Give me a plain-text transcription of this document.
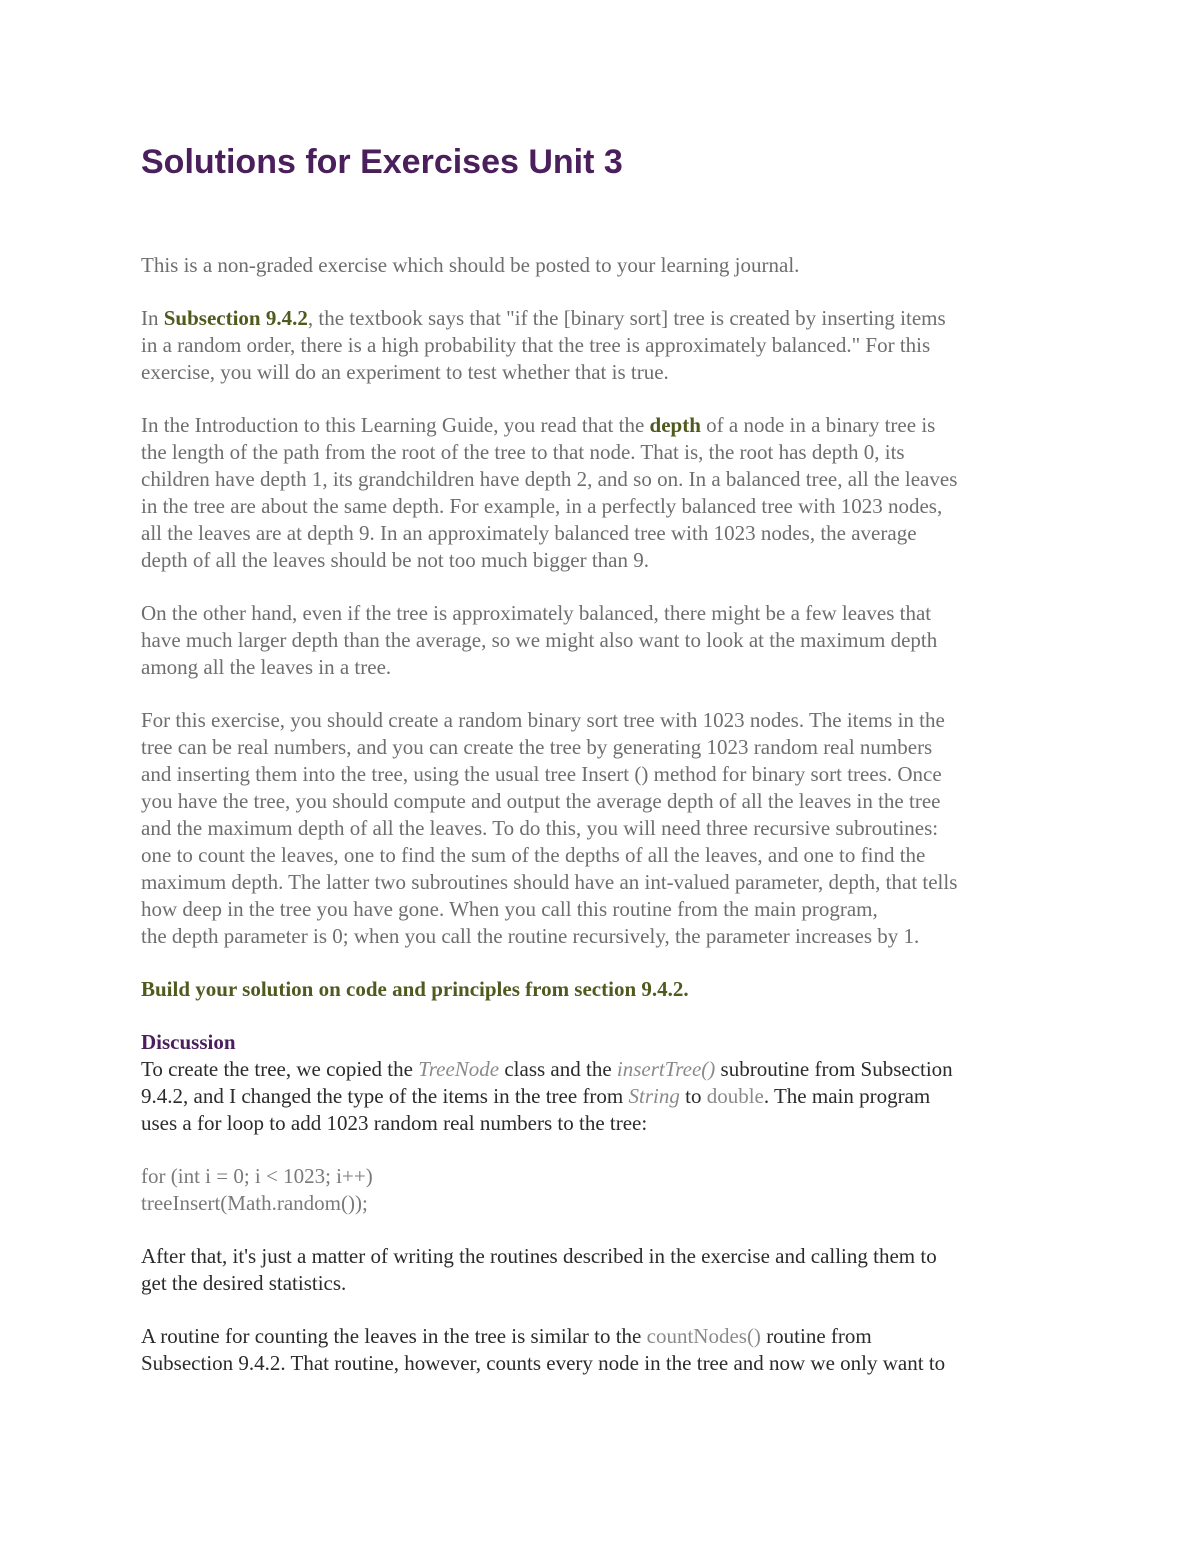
Solutions for Exercises Unit 3

This is a non-graded exercise which should be posted to your learning journal.

In Subsection 9.4.2, the textbook says that "if the [binary sort] tree is created by inserting items
in a random order, there is a high probability that the tree is approximately balanced." For this
exercise, you will do an experiment to test whether that is true.

In the Introduction to this Learning Guide, you read that the depth of a node in a binary tree is
the length of the path from the root of the tree to that node. That is, the root has depth 0, its
children have depth 1, its grandchildren have depth 2, and so on. In a balanced tree, all the leaves
in the tree are about the same depth. For example, in a perfectly balanced tree with 1023 nodes,
all the leaves are at depth 9. In an approximately balanced tree with 1023 nodes, the average
depth of all the leaves should be not too much bigger than 9.

On the other hand, even if the tree is approximately balanced, there might be a few leaves that
have much larger depth than the average, so we might also want to look at the maximum depth
among all the leaves in a tree.

For this exercise, you should create a random binary sort tree with 1023 nodes. The items in the
tree can be real numbers, and you can create the tree by generating 1023 random real numbers
and inserting them into the tree, using the usual tree Insert () method for binary sort trees. Once
you have the tree, you should compute and output the average depth of all the leaves in the tree
and the maximum depth of all the leaves. To do this, you will need three recursive subroutines:
one to count the leaves, one to find the sum of the depths of all the leaves, and one to find the
maximum depth. The latter two subroutines should have an int-valued parameter, depth, that tells
how deep in the tree you have gone. When you call this routine from the main program,
the depth parameter is 0; when you call the routine recursively, the parameter increases by 1.

Build your solution on code and principles from section 9.4.2.

Discussion
To create the tree, we copied the TreeNode class and the insertTree() subroutine from Subsection
9.4.2, and I changed the type of the items in the tree from String to double. The main program
uses a for loop to add 1023 random real numbers to the tree:

for (int i = 0; i < 1023; i++)
treeInsert(Math.random());

After that, it's just a matter of writing the routines described in the exercise and calling them to
get the desired statistics.

A routine for counting the leaves in the tree is similar to the countNodes() routine from
Subsection 9.4.2. That routine, however, counts every node in the tree and now we only want to
